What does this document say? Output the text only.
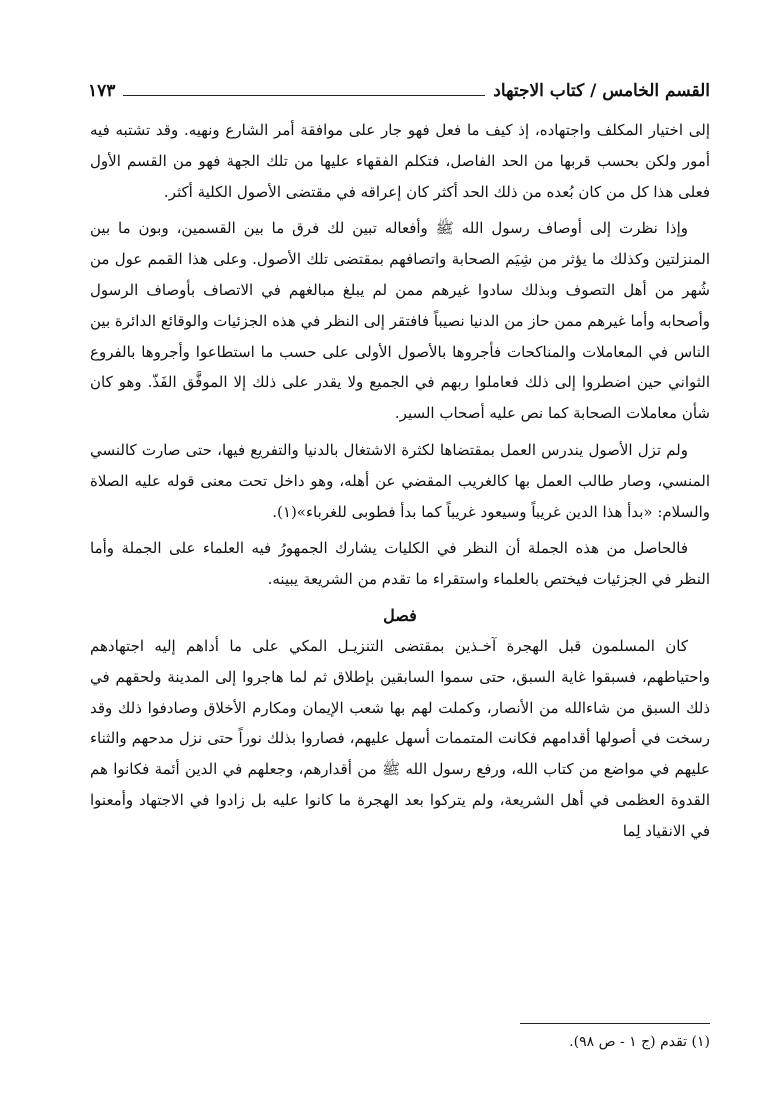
القسم الخامس / كتاب الاجتهاد
١٧٣

إلى اختيار المكلف واجتهاده، إذ كيف ما فعل فهو جار على موافقة أمر الشارع ونهيه. وقد تشتبه فيه أمور ولكن بحسب قربها من الحد الفاصل، فتكلم الفقهاء عليها من تلك الجهة فهو من القسم الأول فعلى هذا كل من كان بُعده من ذلك الحد أكثر كان إعراقه في مقتضى الأصول الكلية أكثر.

وإذا نظرت إلى أوصاف رسول الله ﷺ وأفعاله تبين لك فرق ما بين القسمين، وبون ما بين المنزلتين وكذلك ما يؤثر من شِيَم الصحابة واتصافهم بمقتضى تلك الأصول. وعلى هذا القمم عول من شُهر من أهل التصوف وبذلك سادوا غيرهم ممن لم يبلغ مبالغهم في الاتصاف بأوصاف الرسول وأصحابه وأما غيرهم ممن حاز من الدنيا نصيباً فافتقر إلى النظر في هذه الجزئيات والوقائع الدائرة بين الناس في المعاملات والمناكحات فأجروها بالأصول الأولى على حسب ما استطاعوا وأجروها بالفروع الثواني حين اضطروا إلى ذلك فعاملوا ربهم في الجميع ولا يقدر على ذلك إلا الموفَّق الفَذّ. وهو كان شأن معاملات الصحابة كما نص عليه أصحاب السير.

ولم تزل الأصول يندرس العمل بمقتضاها لكثرة الاشتغال بالدنيا والتفريع فيها، حتى صارت كالنسي المنسي، وصار طالب العمل بها كالغريب المقضي عن أهله، وهو داخل تحت معنى قوله عليه الصلاة والسلام: «بدأ هذا الدين غريباً وسيعود غريباً كما بدأ فطوبى للغرباء»(١).

فالحاصل من هذه الجملة أن النظر في الكليات يشارك الجمهورُ فيه العلماء على الجملة وأما النظر في الجزئيات فيختص بالعلماء واستقراء ما تقدم من الشريعة يبينه.

فصل

كان المسلمون قبل الهجرة آخـذين بمقتضى التنزيـل المكي على ما أداهم إليه اجتهادهم واحتياطهم، فسبقوا غاية السبق، حتى سموا السابقين بإطلاق ثم لما هاجروا إلى المدينة ولحقهم في ذلك السبق من شاءالله من الأنصار، وكملت لهم بها شعب الإيمان ومكارم الأخلاق وصادفوا ذلك وقد رسخت في أصولها أقدامهم فكانت المتممات أسهل عليهم، فصاروا بذلك نوراً حتى نزل مدحهم والثناء عليهم في مواضع من كتاب الله، ورفع رسول الله ﷺ من أقدارهم، وجعلهم في الدين أئمة فكانوا هم القدوة العظمى في أهل الشريعة، ولم يتركوا بعد الهجرة ما كانوا عليه بل زادوا في الاجتهاد وأمعنوا في الانقياد لِما

(١) تقدم (ج ١ - ص ٩٨).
